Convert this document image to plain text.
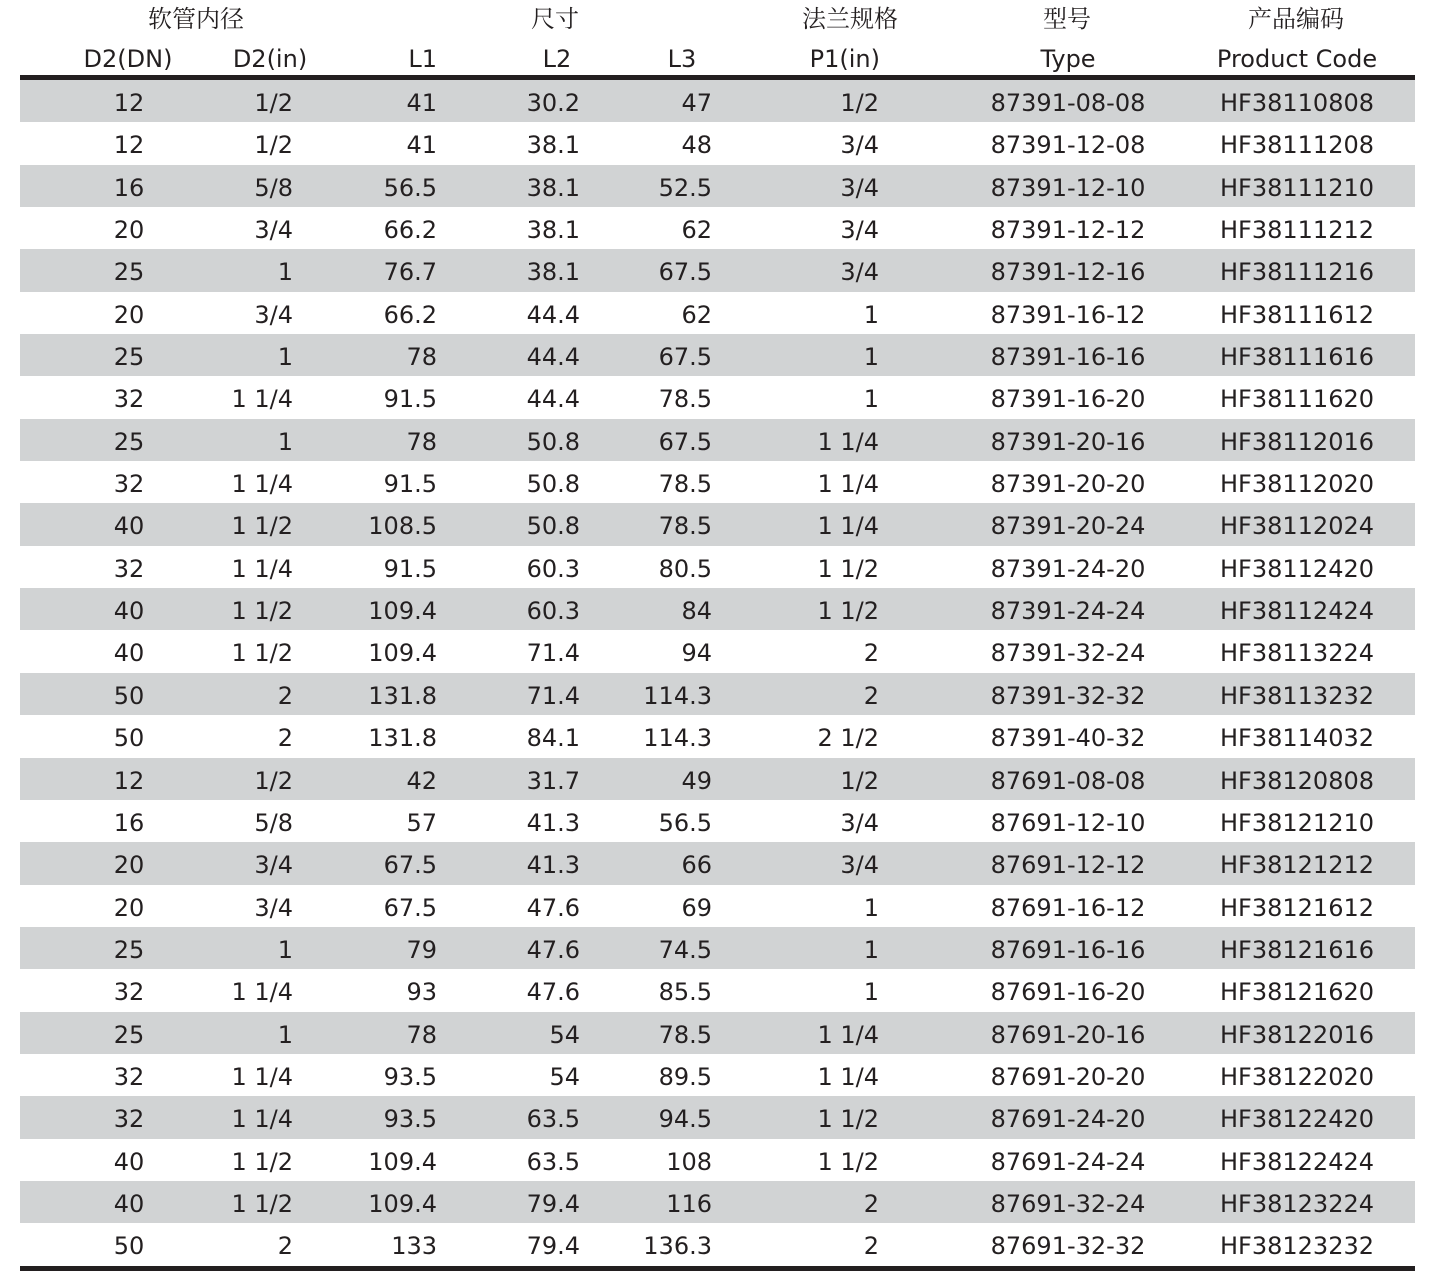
软管内径	尺寸	法兰规格	型号	产品编码
D2(DN)	D2(in)	L1	L2	L3	P1(in)	Type	Product Code
12	1/2	41	30.2	47	1/2	87391-08-08	HF38110808
12	1/2	41	38.1	48	3/4	87391-12-08	HF38111208
16	5/8	56.5	38.1	52.5	3/4	87391-12-10	HF38111210
20	3/4	66.2	38.1	62	3/4	87391-12-12	HF38111212
25	1	76.7	38.1	67.5	3/4	87391-12-16	HF38111216
20	3/4	66.2	44.4	62	1	87391-16-12	HF38111612
25	1	78	44.4	67.5	1	87391-16-16	HF38111616
32	1 1/4	91.5	44.4	78.5	1	87391-16-20	HF38111620
25	1	78	50.8	67.5	1 1/4	87391-20-16	HF38112016
32	1 1/4	91.5	50.8	78.5	1 1/4	87391-20-20	HF38112020
40	1 1/2	108.5	50.8	78.5	1 1/4	87391-20-24	HF38112024
32	1 1/4	91.5	60.3	80.5	1 1/2	87391-24-20	HF38112420
40	1 1/2	109.4	60.3	84	1 1/2	87391-24-24	HF38112424
40	1 1/2	109.4	71.4	94	2	87391-32-24	HF38113224
50	2	131.8	71.4	114.3	2	87391-32-32	HF38113232
50	2	131.8	84.1	114.3	2 1/2	87391-40-32	HF38114032
12	1/2	42	31.7	49	1/2	87691-08-08	HF38120808
16	5/8	57	41.3	56.5	3/4	87691-12-10	HF38121210
20	3/4	67.5	41.3	66	3/4	87691-12-12	HF38121212
20	3/4	67.5	47.6	69	1	87691-16-12	HF38121612
25	1	79	47.6	74.5	1	87691-16-16	HF38121616
32	1 1/4	93	47.6	85.5	1	87691-16-20	HF38121620
25	1	78	54	78.5	1 1/4	87691-20-16	HF38122016
32	1 1/4	93.5	54	89.5	1 1/4	87691-20-20	HF38122020
32	1 1/4	93.5	63.5	94.5	1 1/2	87691-24-20	HF38122420
40	1 1/2	109.4	63.5	108	1 1/2	87691-24-24	HF38122424
40	1 1/2	109.4	79.4	116	2	87691-32-24	HF38123224
50	2	133	79.4	136.3	2	87691-32-32	HF38123232
